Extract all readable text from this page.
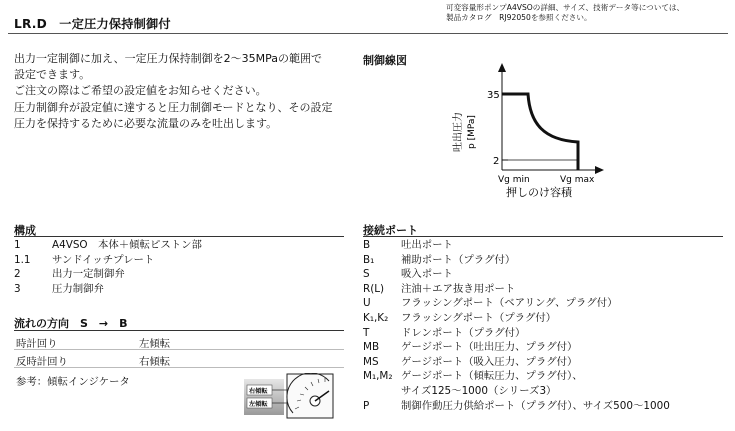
可変容量形ポンプA4VSOの詳細、サイズ、技術データ等については、
製品カタログ　RJ92050を参照ください。
LR.D　一定圧力保持制御付
出力一定制御に加え、一定圧力保持制御を2～35MPaの範囲で
設定できます。
ご注文の際はご希望の設定値をお知らせください。
圧力制御弁が設定値に達すると圧力制御モードとなり、その設定
圧力を保持するために必要な流量のみを吐出します。
制御線図
35
2
吐出圧力 p [MPa]
Vg min	Vg max
押しのけ容積
構成
1	A4VSO　本体＋傾転ピストン部
1.1	サンドイッチプレート
2	出力一定制御弁
3	圧力制御弁
流れの方向　S　→　B
時計回り	左傾転
反時計回り	右傾転
参考：傾転インジケータ
右傾転
左傾転
接続ポート
B	吐出ポート
B₁	補助ポート（プラグ付）
S	吸入ポート
R(L)	注油＋エア抜き用ポート
U	フラッシングポート（ベアリング、プラグ付）
K₁,K₂	フラッシングポート（プラグ付）
T	ドレンポート（プラグ付）
MB	ゲージポート（吐出圧力、プラグ付）
MS	ゲージポート（吸入圧力、プラグ付）
M₁,M₂ ゲージポート（傾転圧力、プラグ付）、
サイズ125～1000（シリーズ3）
P	制御作動圧力供給ポート（プラグ付）、サイズ500～1000
